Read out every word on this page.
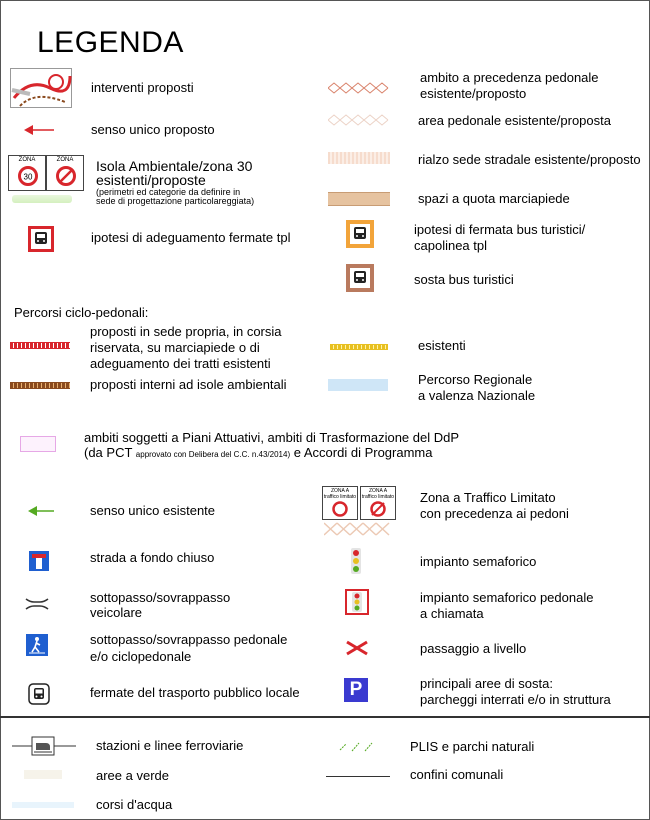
LEGENDA
interventi proposti
senso unico proposto
ZONA
30
ZONA	Isola Ambientale/zona 30
esistenti/proposte
(perimetri ed categorie da definire in
sede di progettazione particolareggiata)
ipotesi di adeguamento fermate tpl
ambito a precedenza pedonale
esistente/proposto
area pedonale esistente/proposta
rialzo sede stradale esistente/proposto
spazi a quota marciapiede
ipotesi di fermata bus turistici/
capolinea tpl
sosta bus turistici
Percorsi ciclo-pedonali:
proposti in sede propria, in corsia
riservata, su marciapiede o di
adeguamento dei tratti esistenti
proposti interni ad isole ambientali
esistenti
Percorso Regionale
a valenza Nazionale
ambiti soggetti a Piani Attuativi, ambiti di Trasformazione del DdP
(da PCT approvato con Delibera del C.C. n.43/2014) e Accordi di Programma
senso unico esistente
strada a fondo chiuso
sottopasso/sovrappasso
veicolare
sottopasso/sovrappasso pedonale
e/o ciclopedonale
fermate del trasporto pubblico locale
ZONA A
traffico limitato
ZONA A
traffico limitato Zona a Traffico Limitato
con precedenza ai pedoni
impianto semaforico
impianto semaforico pedonale
a chiamata
passaggio a livello
P	principali aree di sosta:
parcheggi interrati e/o in struttura
stazioni e linee ferroviarie	PLIS e parchi naturali
aree a verde	confini comunali
corsi d'acqua
